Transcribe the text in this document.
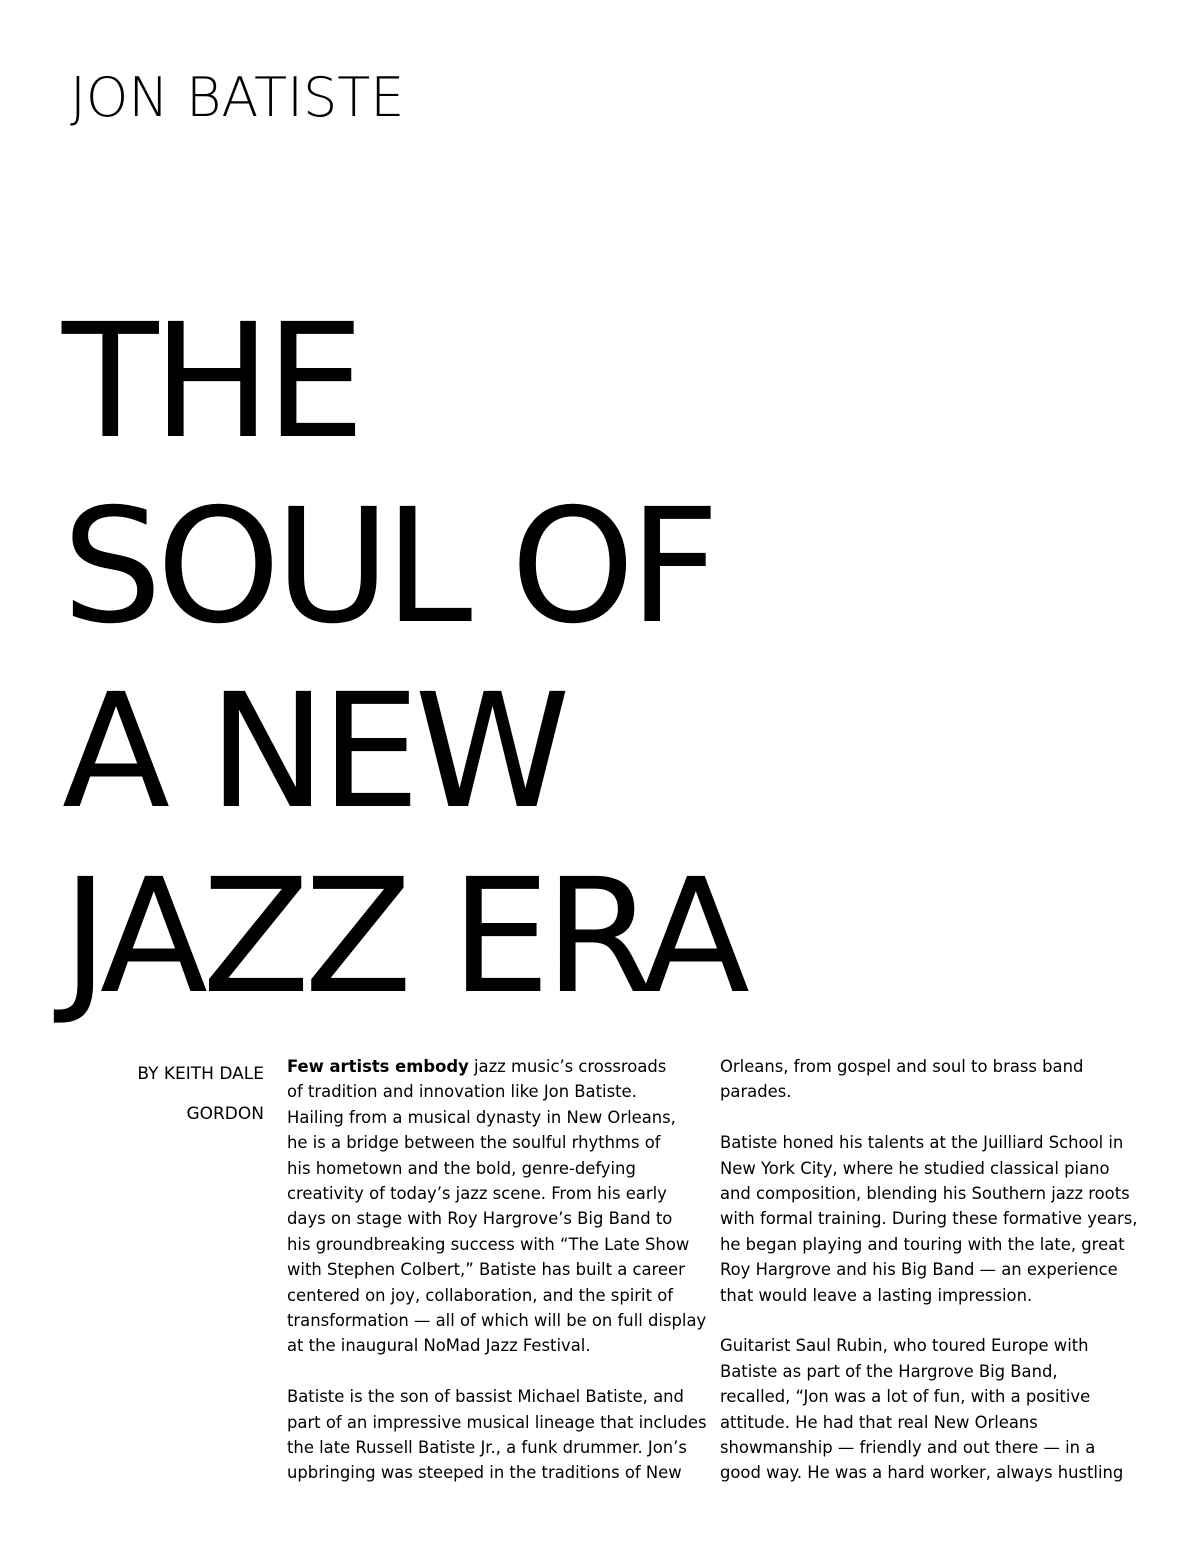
JON BATISTE
THE
SOUL OF
A NEW
JAZZ ERA
BY KEITH DALE
GORDON

Few artists embody jazz music’s crossroads
of tradition and innovation like Jon Batiste.
Hailing from a musical dynasty in New Orleans,
he is a bridge between the soulful rhythms of
his hometown and the bold, genre-defying
creativity of today’s jazz scene. From his early
days on stage with Roy Hargrove’s Big Band to
his groundbreaking success with “The Late Show
with Stephen Colbert,” Batiste has built a career
centered on joy, collaboration, and the spirit of
transformation — all of which will be on full display
at the inaugural NoMad Jazz Festival.

Batiste is the son of bassist Michael Batiste, and
part of an impressive musical lineage that includes
the late Russell Batiste Jr., a funk drummer. Jon’s
upbringing was steeped in the traditions of New

Orleans, from gospel and soul to brass band
parades.

Batiste honed his talents at the Juilliard School in
New York City, where he studied classical piano
and composition, blending his Southern jazz roots
with formal training. During these formative years,
he began playing and touring with the late, great
Roy Hargrove and his Big Band — an experience
that would leave a lasting impression.

Guitarist Saul Rubin, who toured Europe with
Batiste as part of the Hargrove Big Band,
recalled, “Jon was a lot of fun, with a positive
attitude. He had that real New Orleans
showmanship — friendly and out there — in a
good way. He was a hard worker, always hustling
